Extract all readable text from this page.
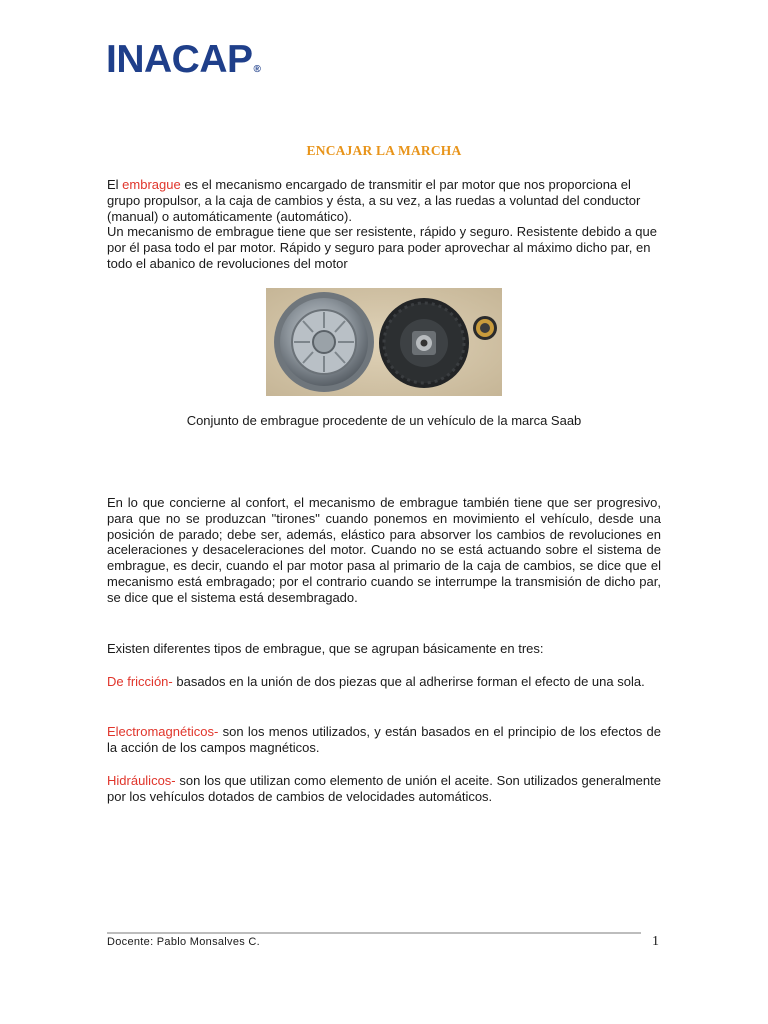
INACAP®
ENCAJAR LA MARCHA

El embrague es el mecanismo encargado de transmitir el par motor que nos proporciona el grupo propulsor, a la caja de cambios y ésta, a su vez, a las ruedas a voluntad del conductor (manual) o automáticamente (automático).
Un mecanismo de embrague tiene que ser resistente, rápido y seguro. Resistente debido a que por él pasa todo el par motor. Rápido y seguro para poder aprovechar al máximo dicho par, en todo el abanico de revoluciones del motor

Conjunto de embrague procedente de un vehículo de la marca Saab

En lo que concierne al confort, el mecanismo de embrague también tiene que ser progresivo, para que no se produzcan "tirones" cuando ponemos en movimiento el vehículo, desde una posición de parado; debe ser, además, elástico para absorver los cambios de revoluciones en aceleraciones y desaceleraciones del motor. Cuando no se está actuando sobre el sistema de embrague, es decir, cuando el par motor pasa al primario de la caja de cambios, se dice que el mecanismo está embragado; por el contrario cuando se interrumpe la transmisión de dicho par, se dice que el sistema está desembragado.

Existen diferentes tipos de embrague, que se agrupan básicamente en tres:

De fricción- basados en la unión de dos piezas que al adherirse forman el efecto de una sola.

Electromagnéticos- son los menos utilizados, y están basados en el principio de los efectos de la acción de los campos magnéticos.

Hidráulicos- son los que utilizan como elemento de unión el aceite. Son utilizados generalmente por los vehículos dotados de cambios de velocidades automáticos.

Docente: Pablo Monsalves C.	1
